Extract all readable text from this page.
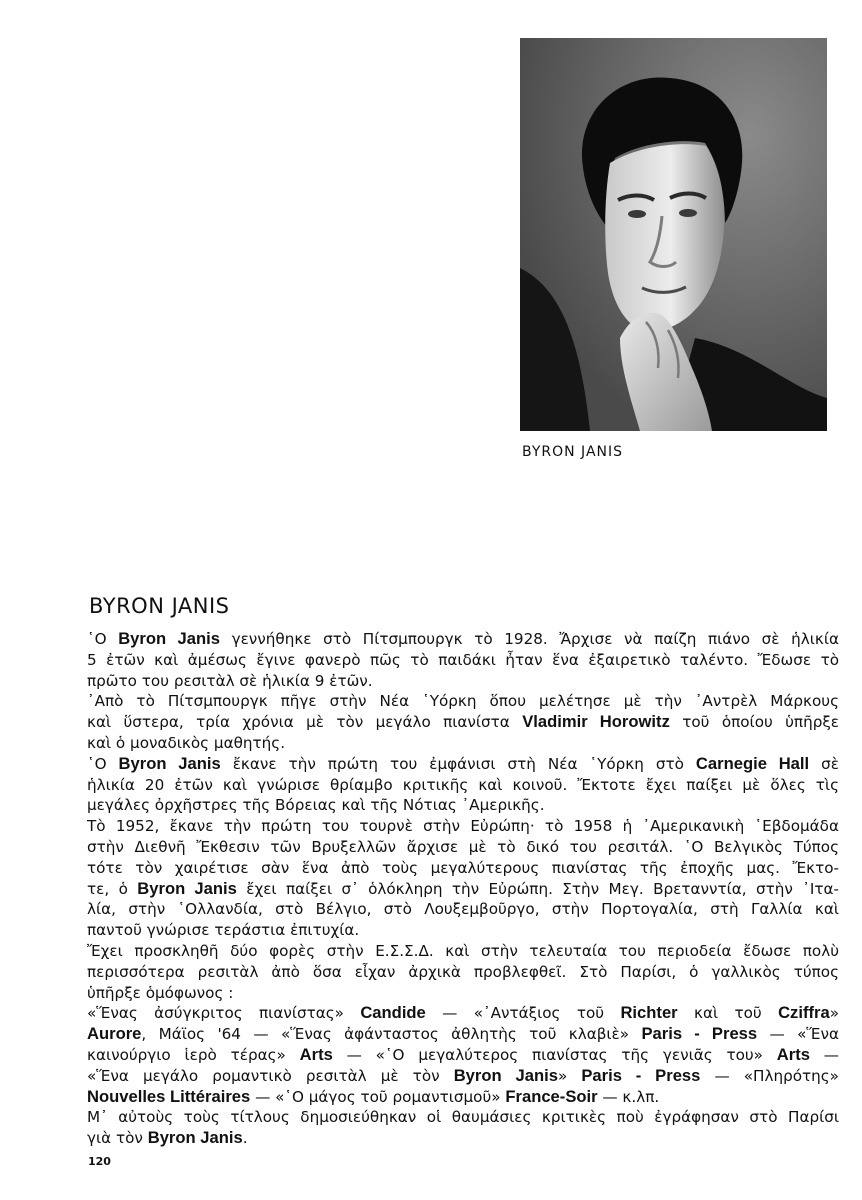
BYRON JANIS
BYRON JANIS
῾Ο Byron Janis γεννήθηκε στὸ Πίτσμπουργκ τὸ 1928. Ἄρχισε νὰ παίζη πιάνο σὲ ἡλικία
5 ἐτῶν καὶ ἀμέσως ἔγινε φανερὸ πῶς τὸ παιδάκι ἦταν ἕνα ἐξαιρετικὸ ταλέντο. Ἔδωσε τὸ
πρῶτο του ρεσιτὰλ σὲ ἡλικία 9 ἐτῶν.
᾿Απὸ τὸ Πίτσμπουργκ πῆγε στὴν Νέα ῾Υόρκη ὅπου μελέτησε μὲ τὴν ᾿Αντρὲλ Μάρκους
καὶ ὕστερα, τρία χρόνια μὲ τὸν μεγάλο πιανίστα Vladimir Horowitz τοῦ ὁποίου ὑπῆρξε
καὶ ὁ μοναδικὸς μαθητής.
῾Ο Byron Janis ἔκανε τὴν πρώτη του ἐμφάνισι στὴ Νέα ῾Υόρκη στὸ Carnegie Hall σὲ
ἡλικία 20 ἐτῶν καὶ γνώρισε θρίαμβο κριτικῆς καὶ κοινοῦ. Ἔκτοτε ἔχει παίξει μὲ ὅλες τὶς
μεγάλες ὀρχῆστρες τῆς Βόρειας καὶ τῆς Νότιας ᾿Αμερικῆς.
Τὸ 1952, ἔκανε τὴν πρώτη του τουρνὲ στὴν Εὐρώπη· τὸ 1958 ἡ ᾿Αμερικανικὴ ῾Εβδομάδα
στὴν Διεθνῆ Ἔκθεσιν τῶν Βρυξελλῶν ἄρχισε μὲ τὸ δικό του ρεσιτάλ. ῾Ο Βελγικὸς Τύπος
τότε τὸν χαιρέτισε σὰν ἕνα ἀπὸ τοὺς μεγαλύτερους πιανίστας τῆς ἐποχῆς μας. Ἔκτο-
τε, ὁ Byron Janis ἔχει παίξει σ᾿ ὁλόκληρη τὴν Εὐρώπη. Στὴν Μεγ. Βρετανντία, στὴν ᾿Ιτα-
λία, στὴν ῾Ολλανδία, στὸ Βέλγιο, στὸ Λουξεμβοῦργο, στὴν Πορτογαλία, στὴ Γαλλία καὶ
παντοῦ γνώρισε τεράστια ἐπιτυχία.
Ἔχει προσκληθῆ δύο φορὲς στὴν Ε.Σ.Σ.Δ. καὶ στὴν τελευταία του περιοδεία ἔδωσε πολὺ
περισσότερα ρεσιτὰλ ἀπὸ ὅσα εἶχαν ἀρχικὰ προβλεφθεῖ. Στὸ Παρίσι, ὁ γαλλικὸς τύπος
ὑπῆρξε ὁμόφωνος :
«Ἕνας ἀσύγκριτος πιανίστας» Candide — «᾿Αντάξιος τοῦ Richter καὶ τοῦ Cziffra»
Aurore, Μάϊος '64 — «Ἕνας ἀφάνταστος ἀθλητὴς τοῦ κλαβιὲ» Paris - Press — «Ἕνα
καινούργιο ἱερὸ τέρας» Arts — «῾Ο μεγαλύτερος πιανίστας τῆς γενιᾶς του» Arts —
«Ἕνα μεγάλο ρομαντικὸ ρεσιτὰλ μὲ τὸν Byron Janis» Paris - Press — «Πληρότης»
Nouvelles Littéraires — «῾Ο μάγος τοῦ ρομαντισμοῦ» France-Soir — κ.λπ.
Μ᾿ αὐτοὺς τοὺς τίτλους δημοσιεύθηκαν οἱ θαυμάσιες κριτικὲς ποὺ ἐγράφησαν στὸ Παρίσι
γιὰ τὸν Byron Janis.
120
